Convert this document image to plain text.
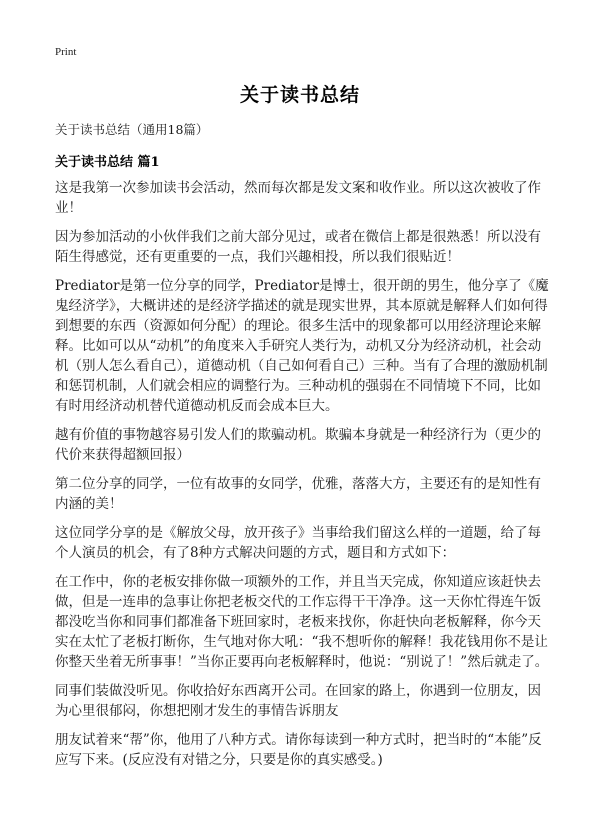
Print
关于读书总结
关于读书总结（通用18篇）
关于读书总结 篇1

这是我第一次参加读书会活动，然而每次都是发文案和收作业。所以这次被收了作业！

因为参加活动的小伙伴我们之前大部分见过，或者在微信上都是很熟悉！所以没有陌生得感觉，还有更重要的一点，我们兴趣相投，所以我们很贴近！

Prediator是第一位分享的同学，Prediator是博士，很开朗的男生，他分享了《魔鬼经济学》，大概讲述的是经济学描述的就是现实世界，其本原就是解释人们如何得到想要的东西（资源如何分配）的理论。很多生活中的现象都可以用经济理论来解释。比如可以从“动机”的角度来入手研究人类行为，动机又分为经济动机，社会动机（别人怎么看自己），道德动机（自己如何看自己）三种。当有了合理的激励机制和惩罚机制，人们就会相应的调整行为。三种动机的强弱在不同情境下不同，比如有时用经济动机替代道德动机反而会成本巨大。

越有价值的事物越容易引发人们的欺骗动机。欺骗本身就是一种经济行为（更少的代价来获得超额回报）

第二位分享的同学，一位有故事的女同学，优雅，落落大方，主要还有的是知性有内涵的美！

这位同学分享的是《解放父母，放开孩子》当事给我们留这么样的一道题，给了每个人演员的机会，有了8种方式解决问题的方式，题目和方式如下：

在工作中，你的老板安排你做一项额外的工作，并且当天完成，你知道应该赶快去做，但是一连串的急事让你把老板交代的工作忘得干干净净。这一天你忙得连午饭都没吃当你和同事们都准备下班回家时，老板来找你，你赶快向老板解释，你今天实在太忙了老板打断你，生气地对你大吼：“我不想听你的解释！我花钱用你不是让你整天坐着无所事事！”当你正要再向老板解释时，他说：“别说了！”然后就走了。

同事们装做没听见。你收拾好东西离开公司。在回家的路上，你遇到一位朋友，因为心里很郁闷，你想把刚才发生的事情告诉朋友

朋友试着来“帮”你，他用了八种方式。请你每读到一种方式时，把当时的“本能”反应写下来。(反应没有对错之分，只要是你的真实感受。)
